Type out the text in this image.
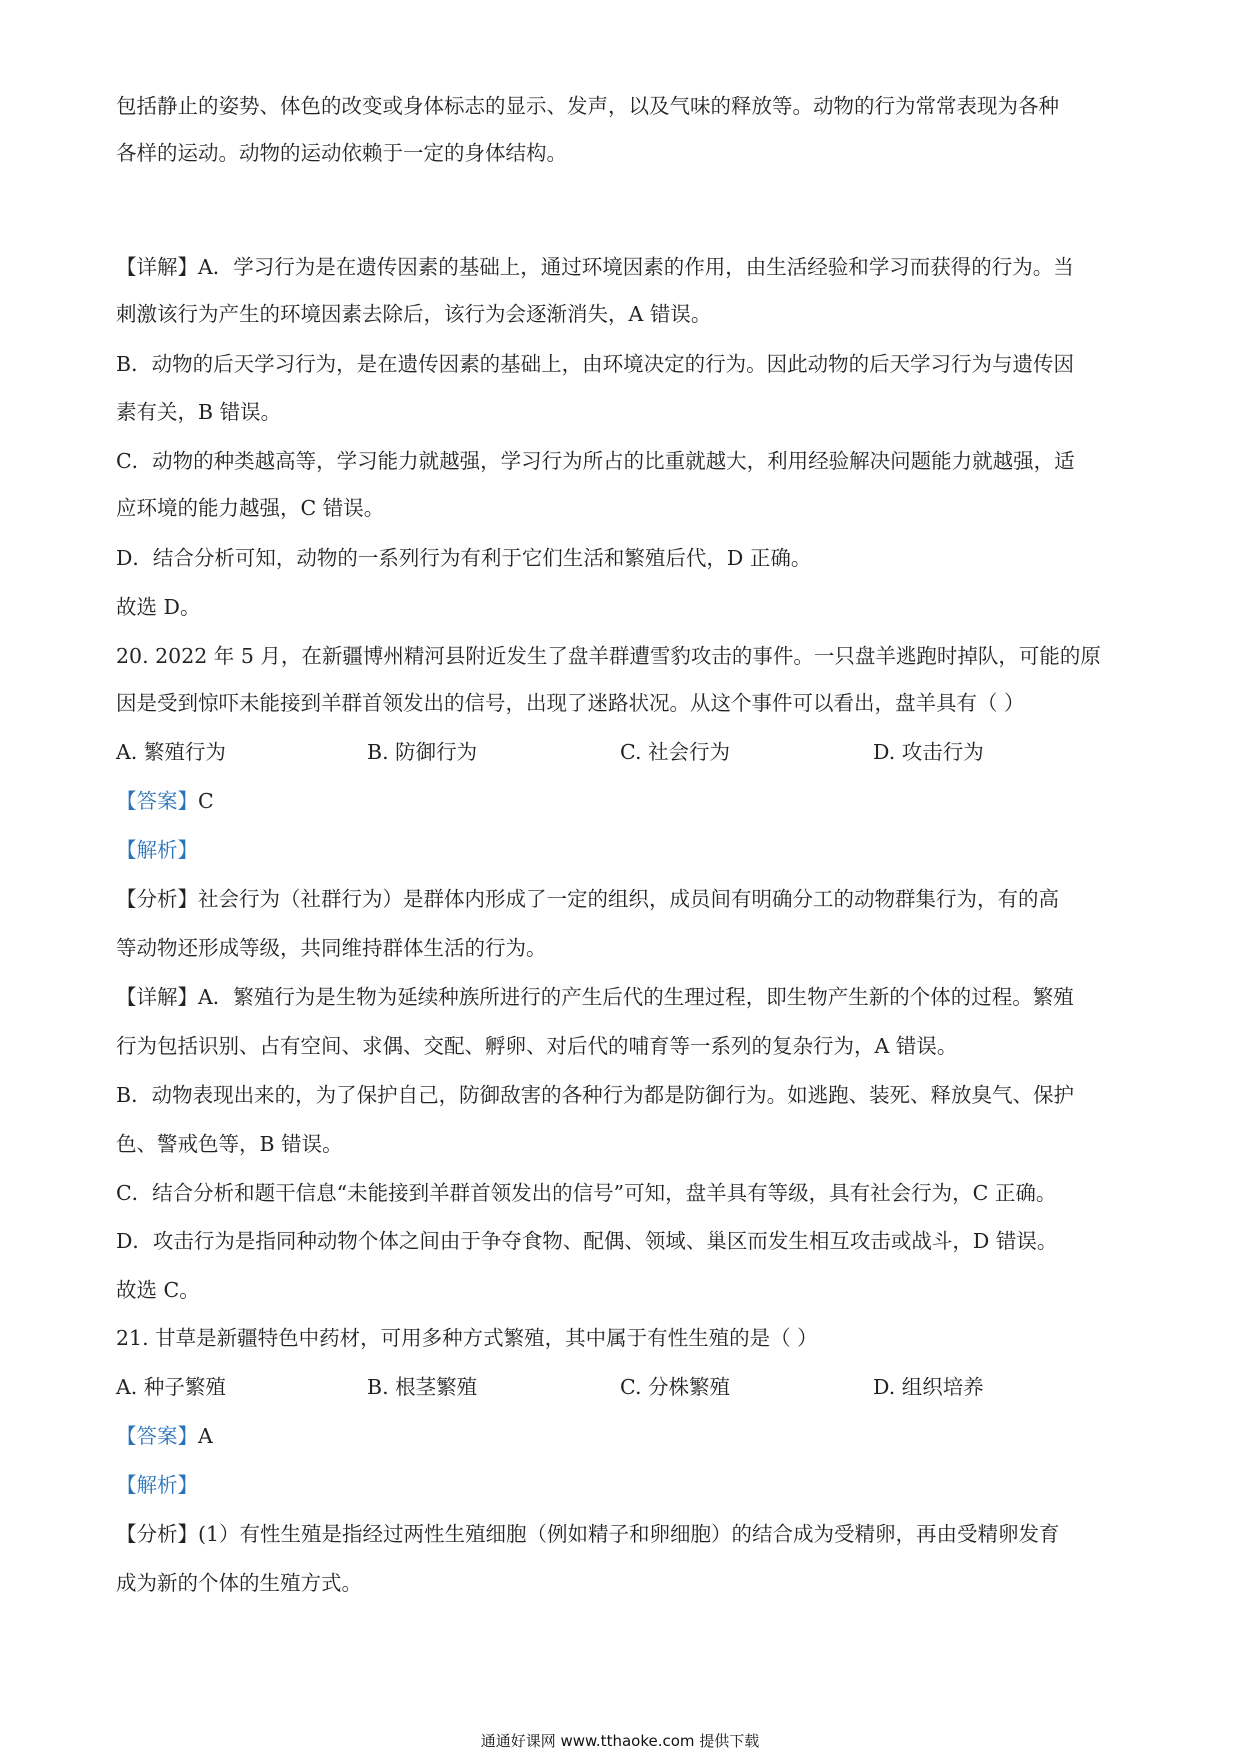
包括静止的姿势、体色的改变或身体标志的显示、发声，以及气味的释放等。动物的行为常常表现为各种
各样的运动。动物的运动依赖于一定的身体结构。
【详解】A．学习行为是在遗传因素的基础上，通过环境因素的作用，由生活经验和学习而获得的行为。当
刺激该行为产生的环境因素去除后，该行为会逐渐消失，A 错误。
B．动物的后天学习行为，是在遗传因素的基础上，由环境决定的行为。因此动物的后天学习行为与遗传因
素有关，B 错误。
C．动物的种类越高等，学习能力就越强，学习行为所占的比重就越大，利用经验解决问题能力就越强，适
应环境的能力越强，C 错误。
D．结合分析可知，动物的一系列行为有利于它们生活和繁殖后代，D 正确。
故选 D。
20. 2022 年 5 月，在新疆博州精河县附近发生了盘羊群遭雪豹攻击的事件。一只盘羊逃跑时掉队，可能的原
因是受到惊吓未能接到羊群首领发出的信号，出现了迷路状况。从这个事件可以看出，盘羊具有（ ）
A. 繁殖行为	B. 防御行为	C. 社会行为	D. 攻击行为
【答案】C
【解析】
【分析】社会行为（社群行为）是群体内形成了一定的组织，成员间有明确分工的动物群集行为，有的高
等动物还形成等级，共同维持群体生活的行为。
【详解】A．繁殖行为是生物为延续种族所进行的产生后代的生理过程，即生物产生新的个体的过程。繁殖
行为包括识别、占有空间、求偶、交配、孵卵、对后代的哺育等一系列的复杂行为，A 错误。
B．动物表现出来的，为了保护自己，防御敌害的各种行为都是防御行为。如逃跑、装死、释放臭气、保护
色、警戒色等，B 错误。
C．结合分析和题干信息“未能接到羊群首领发出的信号”可知，盘羊具有等级，具有社会行为，C 正确。
D．攻击行为是指同种动物个体之间由于争夺食物、配偶、领域、巢区而发生相互攻击或战斗，D 错误。
故选 C。
21. 甘草是新疆特色中药材，可用多种方式繁殖，其中属于有性生殖的是（ ）
A. 种子繁殖	B. 根茎繁殖	C. 分株繁殖	D. 组织培养
【答案】A
【解析】
【分析】(1）有性生殖是指经过两性生殖细胞（例如精子和卵细胞）的结合成为受精卵，再由受精卵发育
成为新的个体的生殖方式。
通通好课网 www.tthaoke.com 提供下载
